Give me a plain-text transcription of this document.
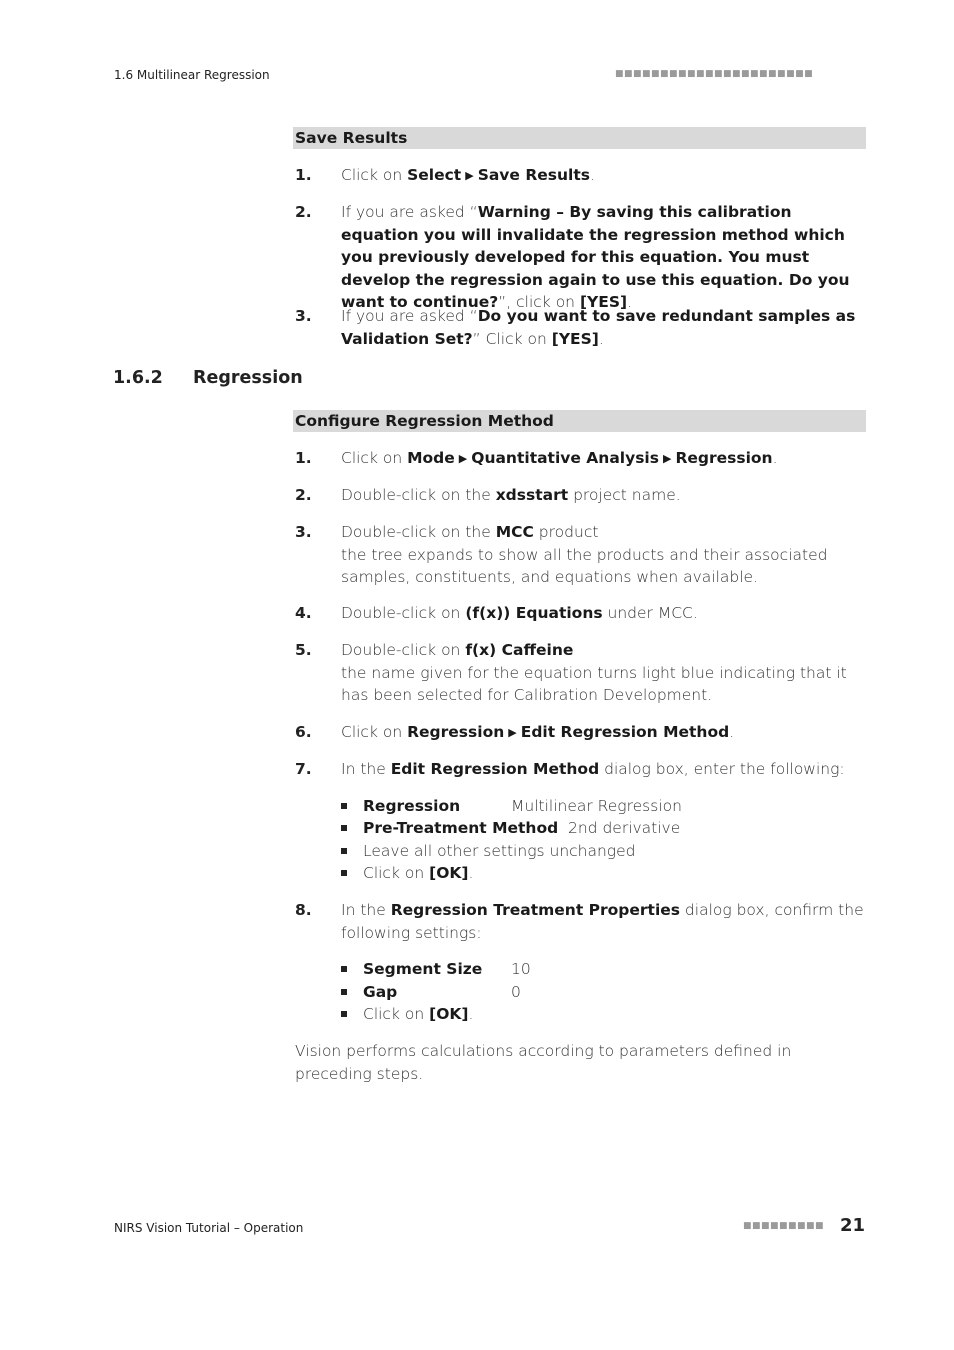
1.6 Multilinear Regression	■■■■■■■■■■■■■■■■■■■■■■
Save Results
1. Click on Select ▶ Save Results.
2. If you are asked “Warning – By saving this calibration equation you will invalidate the regression method which you previously developed for this equation. You must develop the regression again to use this equation. Do you want to continue?”, click on [YES].
3. If you are asked “Do you want to save redundant samples as Validation Set?” Click on [YES].
1.6.2 Regression
Configure Regression Method
1. Click on Mode ▶ Quantitative Analysis ▶ Regression.
2. Double-click on the xdsstart project name.
3. Double-click on the MCC product
the tree expands to show all the products and their associated samples, constituents, and equations when available.
4. Double-click on (f(x)) Equations under MCC.
5. Double-click on f(x) Caffeine
the name given for the equation turns light blue indicating that it has been selected for Calibration Development.
6. Click on Regression ▶ Edit Regression Method.
7. In the Edit Regression Method dialog box, enter the following:
Regression	Multilinear Regression
Pre-Treatment Method 2nd derivative
Leave all other settings unchanged
Click on [OK].
8. In the Regression Treatment Properties dialog box, confirm the following settings:
Segment Size 10
Gap	0
Click on [OK].
Vision performs calculations according to parameters defined in preceding steps.
NIRS Vision Tutorial – Operation	■■■■■■■■■ 21
